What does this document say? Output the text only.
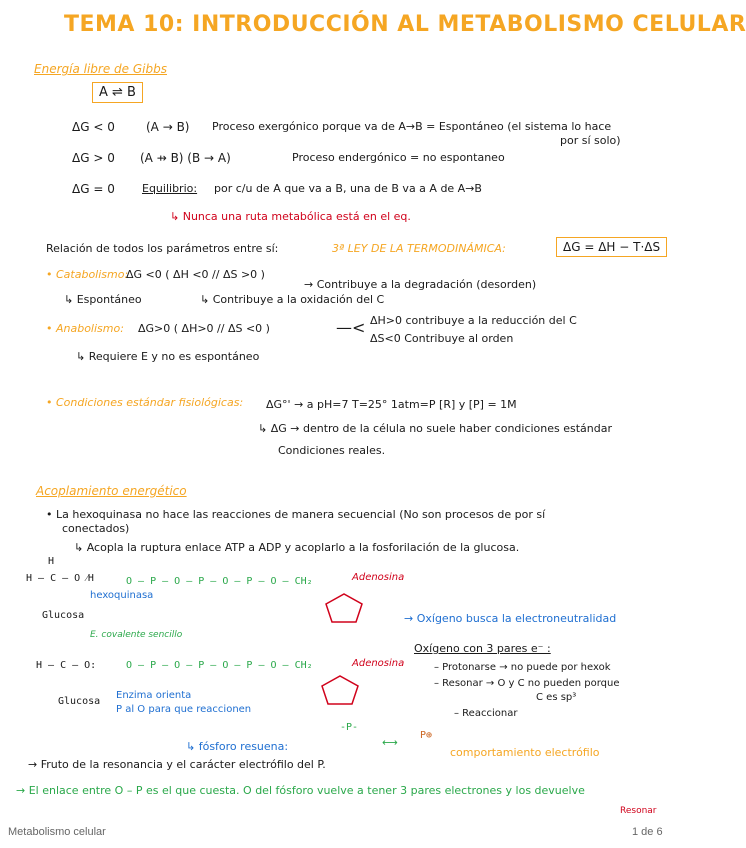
TEMA 10: INTRODUCCIÓN AL METABOLISMO CELULAR
Energía libre de Gibbs
A ⇌ B
ΔG < 0	(A → B) Proceso exergónico porque va de A→B = Espontáneo (el sistema lo hace
por sí solo)
ΔG > 0 (A ⇸ B) (B → A)	Proceso endergónico = no espontaneo
ΔG = 0 Equilibrio: por c/u de A que va a B, una de B va a A de A→B
↳ Nunca una ruta metabólica está en el eq.
Relación de todos los parámetros entre sí:	3ª LEY DE LA TERMODINÁMICA:	ΔG = ΔH − T·ΔS
• Catabolismo:
ΔG <0 ( ΔH <0 // ΔS >0 )
→ Contribuye a la degradación (desorden)
↳ Espontáneo	↳ Contribuye a la oxidación del C
• Anabolismo: ΔG>0 ( ΔH>0 // ΔS <0 )	—< ΔH>0 contribuye a la reducción del C
ΔS<0 Contribuye al orden
↳ Requiere E y no es espontáneo
• Condiciones estándar fisiológicas: ΔG°' → a pH=7 T=25° 1atm=P [R] y [P] = 1M
↳ ΔG → dentro de la célula no suele haber condiciones estándar
Condiciones reales.
Acoplamiento energético
• La hexoquinasa no hace las reacciones de manera secuencial (No son procesos de por sí
conectados)
↳ Acopla la ruptura enlace ATP a ADP y acoplarlo a la fosforilación de la glucosa.
H
H — C — O ⁄H
Glucosa
hexoquinasa
O — P — O — P — O — P — O — CH₂	Adenosina
→ Oxígeno busca la electroneutralidad
E. covalente sencillo
H — C — O:	O — P — O — P — O — P — O — CH₂	Adenosina
Glucosa
Enzima orienta
P al O para que reaccionen
Oxígeno con 3 pares e⁻ :
– Protonarse → no puede por hexok
– Resonar → O y C no pueden porque
C es sp³
– Reaccionar
↳ fósforo resuena:
-P-
⟷
P⊕
comportamiento electrófilo
→ Fruto de la resonancia y el carácter electrófilo del P.
→ El enlace entre O – P es el que cuesta. O del fósforo vuelve a tener 3 pares electrones y los devuelve
Resonar
Metabolismo celular	1 de 6
